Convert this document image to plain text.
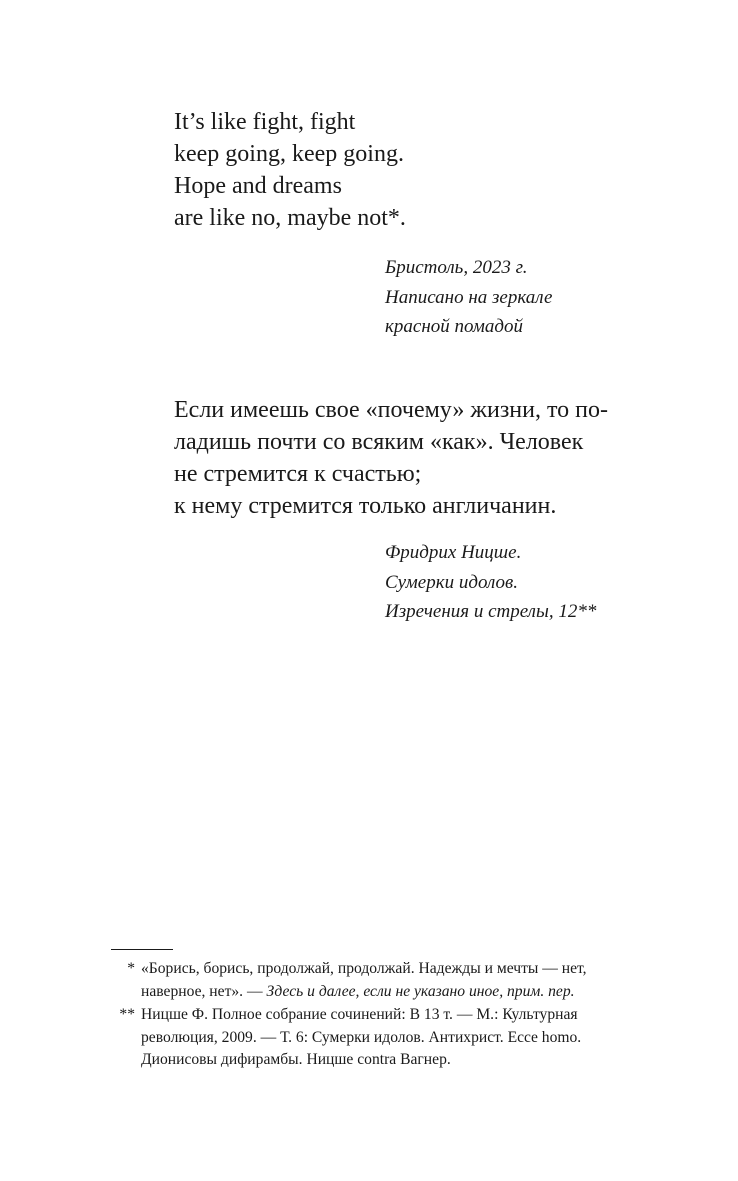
It’s like fight, fight
keep going, keep going.
Hope and dreams
are like no, maybe not*.
Бристоль, 2023 г.
Написано на зеркале
красной помадой
Если имеешь свое «почему» жизни, то по-
ладишь почти со всяким «как». Человек
не стремится к счастью;
к нему стремится только англичанин.
Фридрих Ницше.
Сумерки идолов.
Изречения и стрелы, 12**
* «Борись, борись, продолжай, продолжай. Надежды и мечты — нет,
наверное, нет». — Здесь и далее, если не указано иное, прим. пер.
** Ницше Ф. Полное собрание сочинений: В 13 т. — М.: Культурная
революция, 2009. — Т. 6: Сумерки идолов. Антихрист. Ecce homo.
Дионисовы дифирамбы. Ницше contra Вагнер.
